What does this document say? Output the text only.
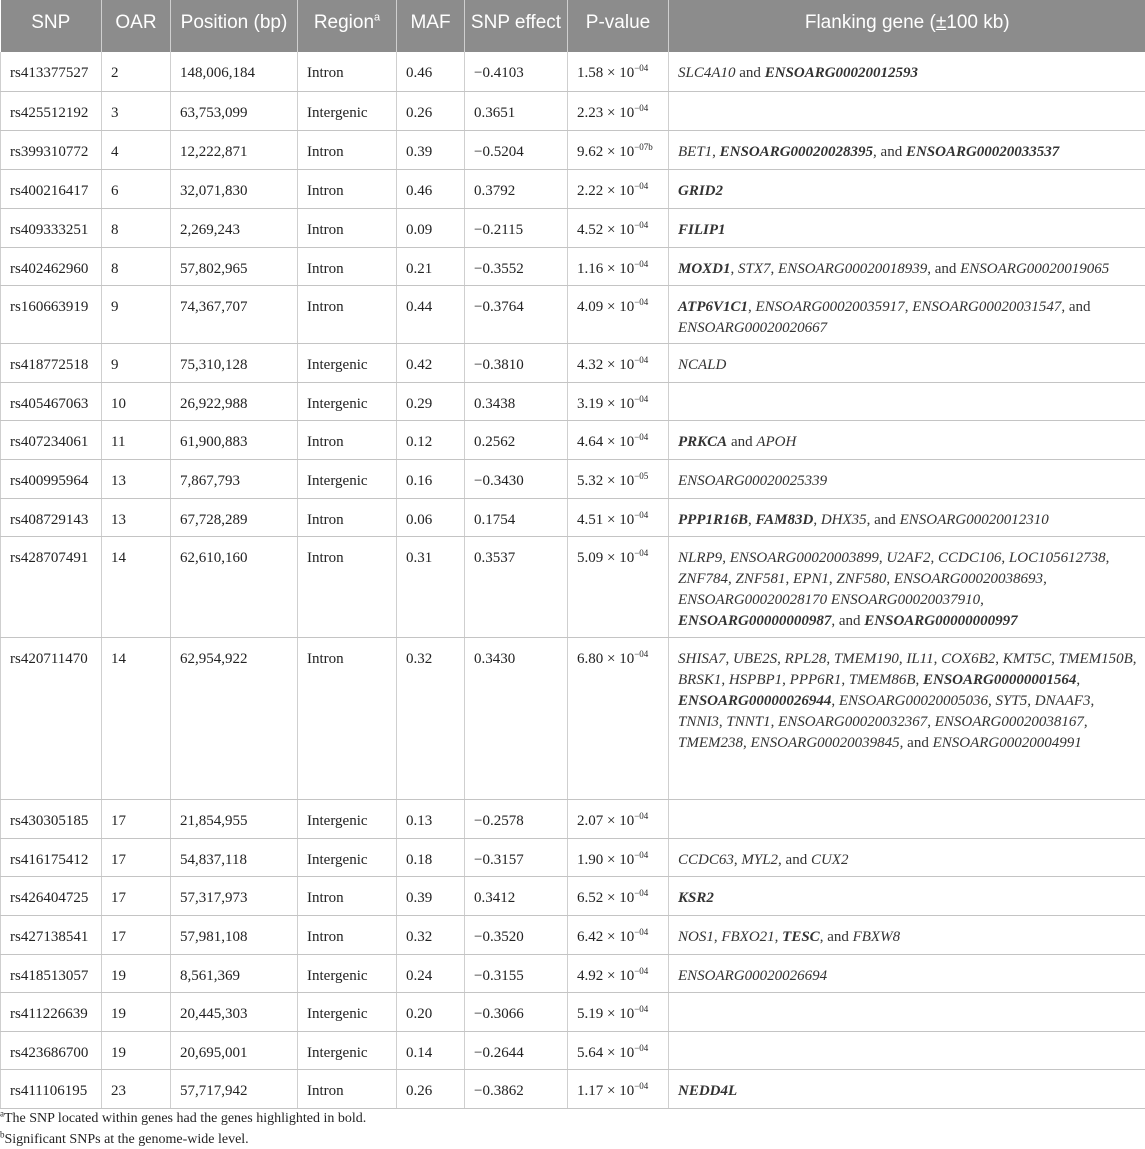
SNP	OAR	Position (bp)	Region$^a$	MAF	SNP effect	P-value	Flanking gene (±100 kb)
rs413377527	2	148,006,184	Intron	0.46	−0.4103	$1.58 \times 10^{-04}$	SLC4A10 and ENSOARG00020012593
rs425512192	3	63,753,099	Intergenic	0.26	0.3651	$2.23 \times 10^{-04}$	
rs399310772	4	12,222,871	Intron	0.39	−0.5204	$9.62 \times 10^{-07b}$	BET1, ENSOARG00020028395, and ENSOARG00020033537
rs400216417	6	32,071,830	Intron	0.46	0.3792	$2.22 \times 10^{-04}$	GRID2
rs409333251	8	2,269,243	Intron	0.09	−0.2115	$4.52 \times 10^{-04}$	FILIP1
rs402462960	8	57,802,965	Intron	0.21	−0.3552	$1.16 \times 10^{-04}$	MOXD1, STX7, ENSOARG00020018939, and ENSOARG00020019065
rs160663919	9	74,367,707	Intron	0.44	−0.3764	$4.09 \times 10^{-04}$	ATP6V1C1, ENSOARG00020035917, ENSOARG00020031547, and ENSOARG00020020667
rs418772518	9	75,310,128	Intergenic	0.42	−0.3810	$4.32 \times 10^{-04}$	NCALD
rs405467063	10	26,922,988	Intergenic	0.29	0.3438	$3.19 \times 10^{-04}$	
rs407234061	11	61,900,883	Intron	0.12	0.2562	$4.64 \times 10^{-04}$	PRKCA and APOH
rs400995964	13	7,867,793	Intergenic	0.16	−0.3430	$5.32 \times 10^{-05}$	ENSOARG00020025339
rs408729143	13	67,728,289	Intron	0.06	0.1754	$4.51 \times 10^{-04}$	PPP1R16B, FAM83D, DHX35, and ENSOARG00020012310
rs428707491	14	62,610,160	Intron	0.31	0.3537	$5.09 \times 10^{-04}$	NLRP9, ENSOARG00020003899, U2AF2, CCDC106, LOC105612738, ZNF784, ZNF581, EPN1, ZNF580, ENSOARG00020038693, ENSOARG00020028170 ENSOARG00020037910, ENSOARG00000000987, and ENSOARG00000000997
rs420711470	14	62,954,922	Intron	0.32	0.3430	$6.80 \times 10^{-04}$	SHISA7, UBE2S, RPL28, TMEM190, IL11, COX6B2, KMT5C, TMEM150B, BRSK1, HSPBP1, PPP6R1, TMEM86B, ENSOARG00000001564, ENSOARG00000026944, ENSOARG00020005036, SYT5, DNAAF3, TNNI3, TNNT1, ENSOARG00020032367, ENSOARG00020038167, TMEM238, ENSOARG00020039845, and ENSOARG00020004991
rs430305185	17	21,854,955	Intergenic	0.13	−0.2578	$2.07 \times 10^{-04}$	
rs416175412	17	54,837,118	Intergenic	0.18	−0.3157	$1.90 \times 10^{-04}$	CCDC63, MYL2, and CUX2
rs426404725	17	57,317,973	Intron	0.39	0.3412	$6.52 \times 10^{-04}$	KSR2
rs427138541	17	57,981,108	Intron	0.32	−0.3520	$6.42 \times 10^{-04}$	NOS1, FBXO21, TESC, and FBXW8
rs418513057	19	8,561,369	Intergenic	0.24	−0.3155	$4.92 \times 10^{-04}$	ENSOARG00020026694
rs411226639	19	20,445,303	Intergenic	0.20	−0.3066	$5.19 \times 10^{-04}$	
rs423686700	19	20,695,001	Intergenic	0.14	−0.2644	$5.64 \times 10^{-04}$	
rs411106195	23	57,717,942	Intron	0.26	−0.3862	$1.17 \times 10^{-04}$	NEDD4L
$^a$The SNP located within genes had the genes highlighted in bold.
$^b$Significant SNPs at the genome-wide level.
